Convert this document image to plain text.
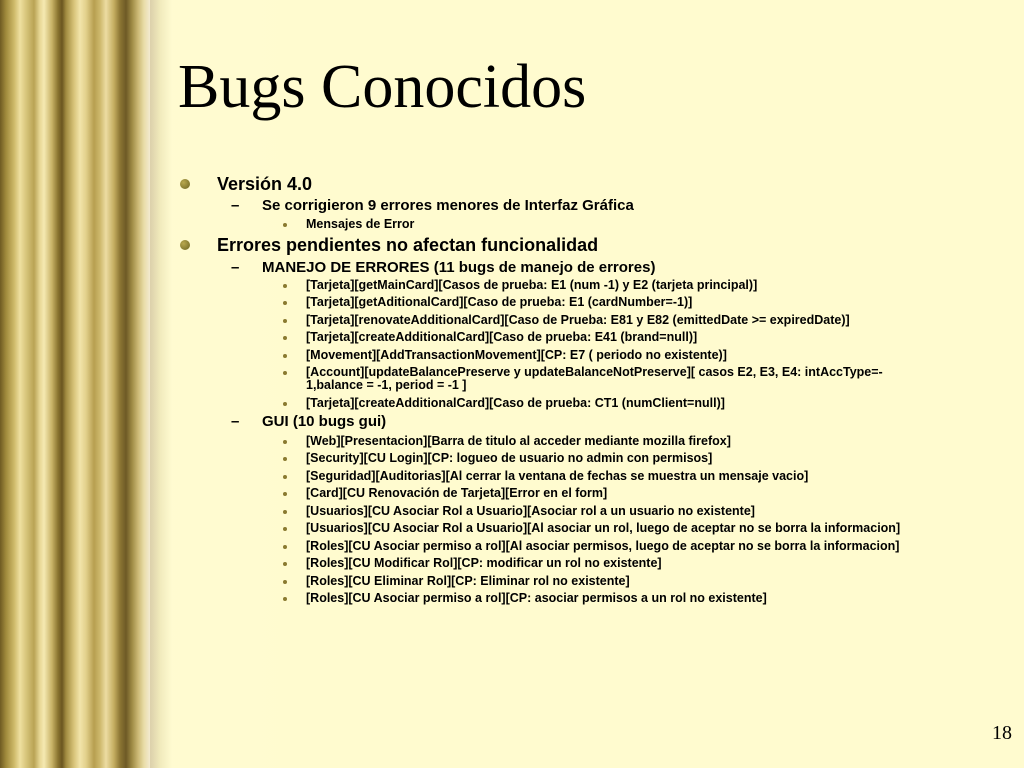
Bugs Conocidos
Versión 4.0
– Se corrigieron 9 errores menores de Interfaz Gráfica
Mensajes de Error
Errores pendientes no afectan funcionalidad
– MANEJO DE ERRORES (11 bugs de manejo de errores)
[Tarjeta][getMainCard][Casos de prueba: E1 (num -1) y E2 (tarjeta principal)]
[Tarjeta][getAditionalCard][Caso de prueba: E1 (cardNumber=-1)]
[Tarjeta][renovateAdditionalCard][Caso de Prueba: E81 y E82 (emittedDate >= expiredDate)]
[Tarjeta][createAdditionalCard][Caso de prueba: E41 (brand=null)]
[Movement][AddTransactionMovement][CP: E7 ( periodo no existente)]
[Account][updateBalancePreserve y updateBalanceNotPreserve][ casos E2, E3, E4: intAccType=-
1,balance = -1, period = -1 ]
[Tarjeta][createAdditionalCard][Caso de prueba: CT1 (numClient=null)]
– GUI (10 bugs gui)
[Web][Presentacion][Barra de titulo al acceder mediante mozilla firefox]
[Security][CU Login][CP: logueo de usuario no admin con permisos]
[Seguridad][Auditorias][Al cerrar la ventana de fechas se muestra un mensaje vacio]
[Card][CU Renovación de Tarjeta][Error en el form]
[Usuarios][CU Asociar Rol a Usuario][Asociar rol a un usuario no existente]
[Usuarios][CU Asociar Rol a Usuario][Al asociar un rol, luego de aceptar no se borra la informacion]
[Roles][CU Asociar permiso a rol][Al asociar permisos, luego de aceptar no se borra la informacion]
[Roles][CU Modificar Rol][CP: modificar un rol no existente]
[Roles][CU Eliminar Rol][CP: Eliminar rol no existente]
[Roles][CU Asociar permiso a rol][CP: asociar permisos a un rol no existente]
18
